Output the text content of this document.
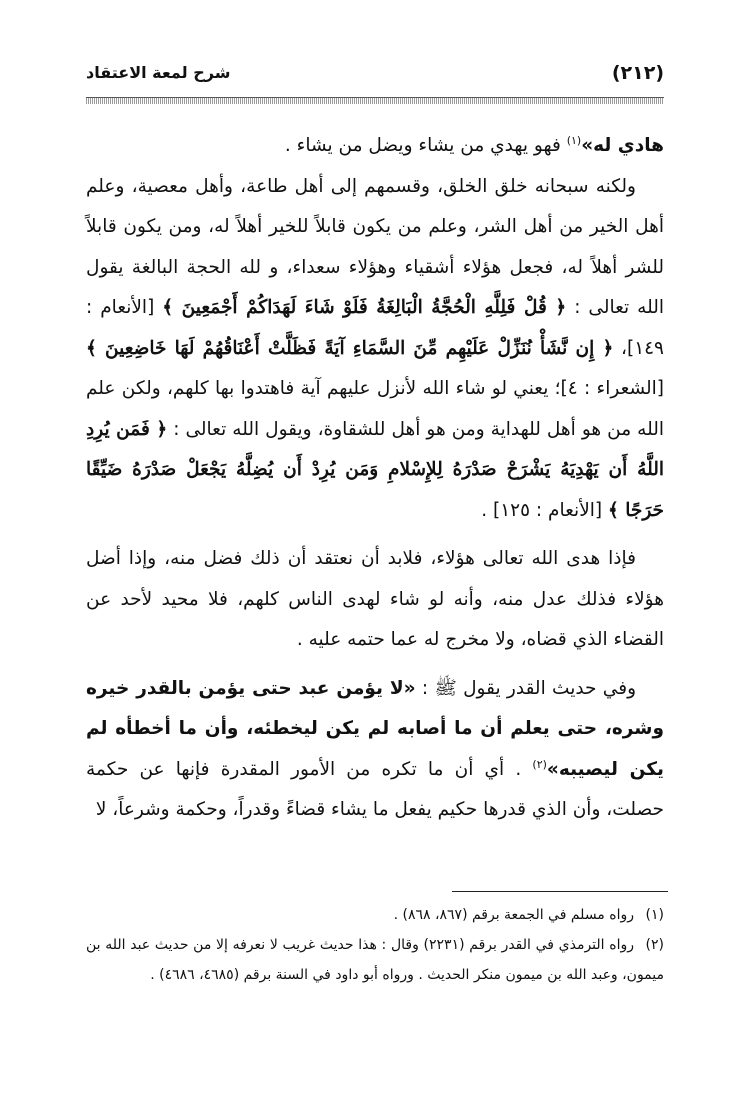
(٢١٢)
شرح لمعة الاعتقاد

هادي له»$^{(١)}$ فهو يهدي من يشاء ويضل من يشاء .

ولكنه سبحانه خلق الخلق، وقسمهم إلى أهل طاعة، وأهل معصية، وعلم أهل الخير من أهل الشر، وعلم من يكون قابلاً للخير أهلاً له، ومن يكون قابلاً للشر أهلاً له، فجعل هؤلاء أشقياء وهؤلاء سعداء، و لله الحجة البالغة يقول الله تعالى : ﴿ قُلْ فَلِلَّهِ الْحُجَّةُ الْبَالِغَةُ فَلَوْ شَاءَ لَهَدَاكُمْ أَجْمَعِينَ ﴾ [الأنعام : ١٤٩]، ﴿ إِن نَّشَأْ نُنَزِّلْ عَلَيْهِم مِّنَ السَّمَاءِ آيَةً فَظَلَّتْ أَعْنَاقُهُمْ لَهَا خَاضِعِينَ ﴾ [الشعراء : ٤]؛ يعني لو شاء الله لأنزل عليهم آية فاهتدوا بها كلهم، ولكن علم الله من هو أهل للهداية ومن هو أهل للشقاوة، ويقول الله تعالى : ﴿ فَمَن يُرِدِ اللَّهُ أَن يَهْدِيَهُ يَشْرَحْ صَدْرَهُ لِلإِسْلامِ وَمَن يُرِدْ أَن يُضِلَّهُ يَجْعَلْ صَدْرَهُ ضَيِّقًا حَرَجًا ﴾ [الأنعام : ١٢٥] .

فإذا هدى الله تعالى هؤلاء، فلابد أن نعتقد أن ذلك فضل منه، وإذا أضل هؤلاء فذلك عدل منه، وأنه لو شاء لهدى الناس كلهم، فلا محيد لأحد عن القضاء الذي قضاه، ولا مخرج له عما حتمه عليه .

وفي حديث القدر يقول ﷺ : «لا يؤمن عبد حتى يؤمن بالقدر خيره وشره، حتى يعلم أن ما أصابه لم يكن ليخطئه، وأن ما أخطأه لم يكن ليصيبه»$^{(٢)}$ . أي أن ما تكره من الأمور المقدرة فإنها عن حكمة حصلت، وأن الذي قدرها حكيم يفعل ما يشاء قضاءً وقدراً، وحكمة وشرعاً، لا

(١)رواه مسلم في الجمعة برقم (٨٦٧، ٨٦٨) .

(٢)رواه الترمذي في القدر برقم (٢٢٣١) وقال : هذا حديث غريب لا نعرفه إلا من حديث عبد الله بن ميمون، وعبد الله بن ميمون منكر الحديث . ورواه أبو داود في السنة برقم (٤٦٨٥، ٤٦٨٦) .
